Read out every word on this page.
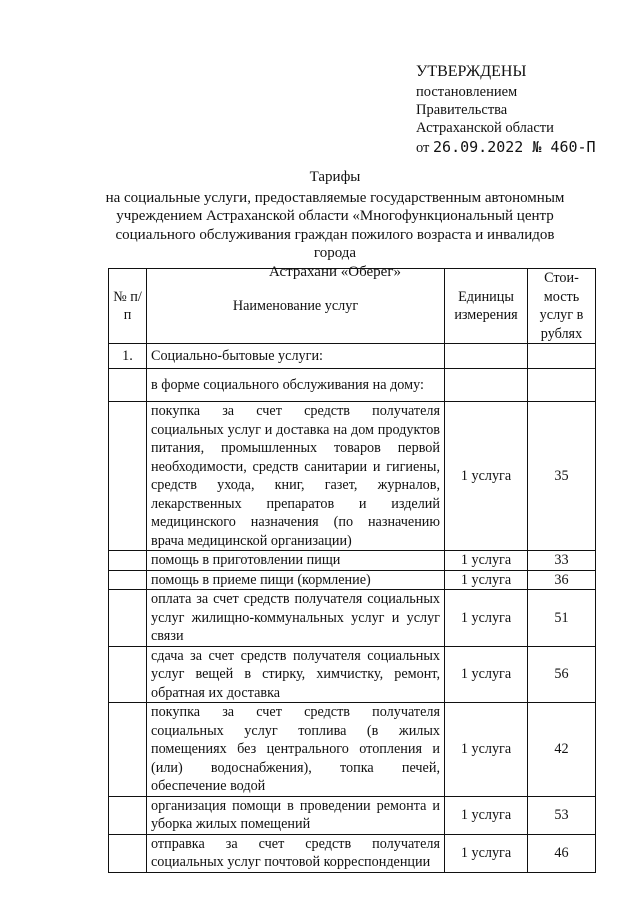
УТВЕРЖДЕНЫ
постановлением
Правительства
Астраханской области
от 26.09.2022 № 460-П
Тарифы
на социальные услуги, предоставляемые государственным автономным
учреждением Астраханской области «Многофункциональный центр
социального обслуживания граждан пожилого возраста и инвалидов города
Астрахани «Оберег»
№ п/п	Наименование услуг	Единицы измерения	Стои- мость услуг в рублях
1.	Социально-бытовые услуги:		
	в форме социального обслуживания на дому:		
	покупка за счет средств получателя социальных услуг и доставка на дом продуктов питания, промышленных товаров первой необходимости, средств санитарии и гигиены, средств ухода, книг, газет, журналов, лекарственных препаратов и изделий медицинского назначения (по назначению врача медицинской организации)	1 услуга	35
	помощь в приготовлении пищи	1 услуга	33
	помощь в приеме пищи (кормление)	1 услуга	36
	оплата за счет средств получателя социальных услуг жилищно-коммунальных услуг и услуг связи	1 услуга	51
	сдача за счет средств получателя социальных услуг вещей в стирку, химчистку, ремонт, обратная их доставка	1 услуга	56
	покупка за счет средств получателя социальных услуг топлива (в жилых помещениях без центрального отопления и (или) водоснабжения), топка печей, обеспечение водой	1 услуга	42
	организация помощи в проведении ремонта и уборка жилых помещений	1 услуга	53
	отправка за счет средств получателя социальных услуг почтовой корреспонденции	1 услуга	46
